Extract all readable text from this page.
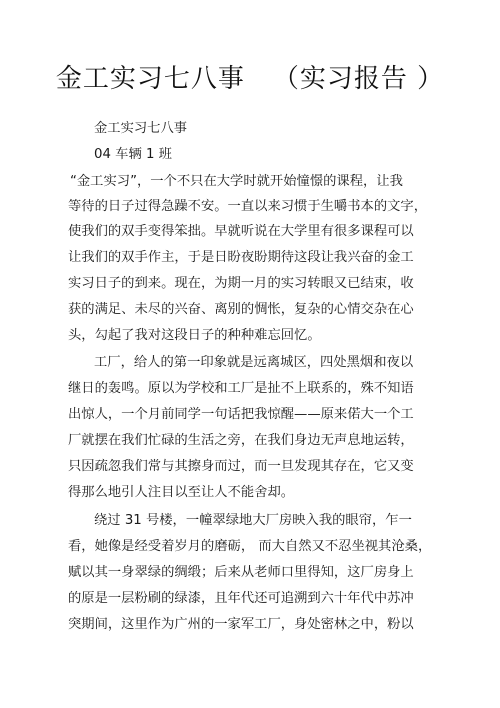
金工实习七八事 （实习报告 ）
金工实习七八事
04 车辆 1 班
“金工实习”，一个不只在大学时就开始憧憬的课程，让我
等待的日子过得急躁不安。一直以来习惯于生嚼书本的文字，
使我们的双手变得笨拙。早就听说在大学里有很多课程可以
让我们的双手作主，于是日盼夜盼期待这段让我兴奋的金工
实习日子的到来。现在，为期一月的实习转眼又已结束，收
获的满足、未尽的兴奋、离别的惆怅，复杂的心情交杂在心
头，勾起了我对这段日子的种种难忘回忆。
工厂，给人的第一印象就是远离城区，四处黑烟和夜以
继日的轰鸣。原以为学校和工厂是扯不上联系的，殊不知语
出惊人，一个月前同学一句话把我惊醒——原来偌大一个工
厂就摆在我们忙碌的生活之旁，在我们身边无声息地运转，
只因疏忽我们常与其擦身而过，而一旦发现其存在，它又变
得那么地引人注目以至让人不能舍却。
绕过 31 号楼，一幢翠绿地大厂房映入我的眼帘，乍一
看，她像是经受着岁月的磨砺， 而大自然又不忍坐视其沧桑，
赋以其一身翠绿的绸缎；后来从老师口里得知，这厂房身上
的原是一层粉刷的绿漆，且年代还可追溯到六十年代中苏冲
突期间，这里作为广州的一家军工厂，身处密林之中，粉以
